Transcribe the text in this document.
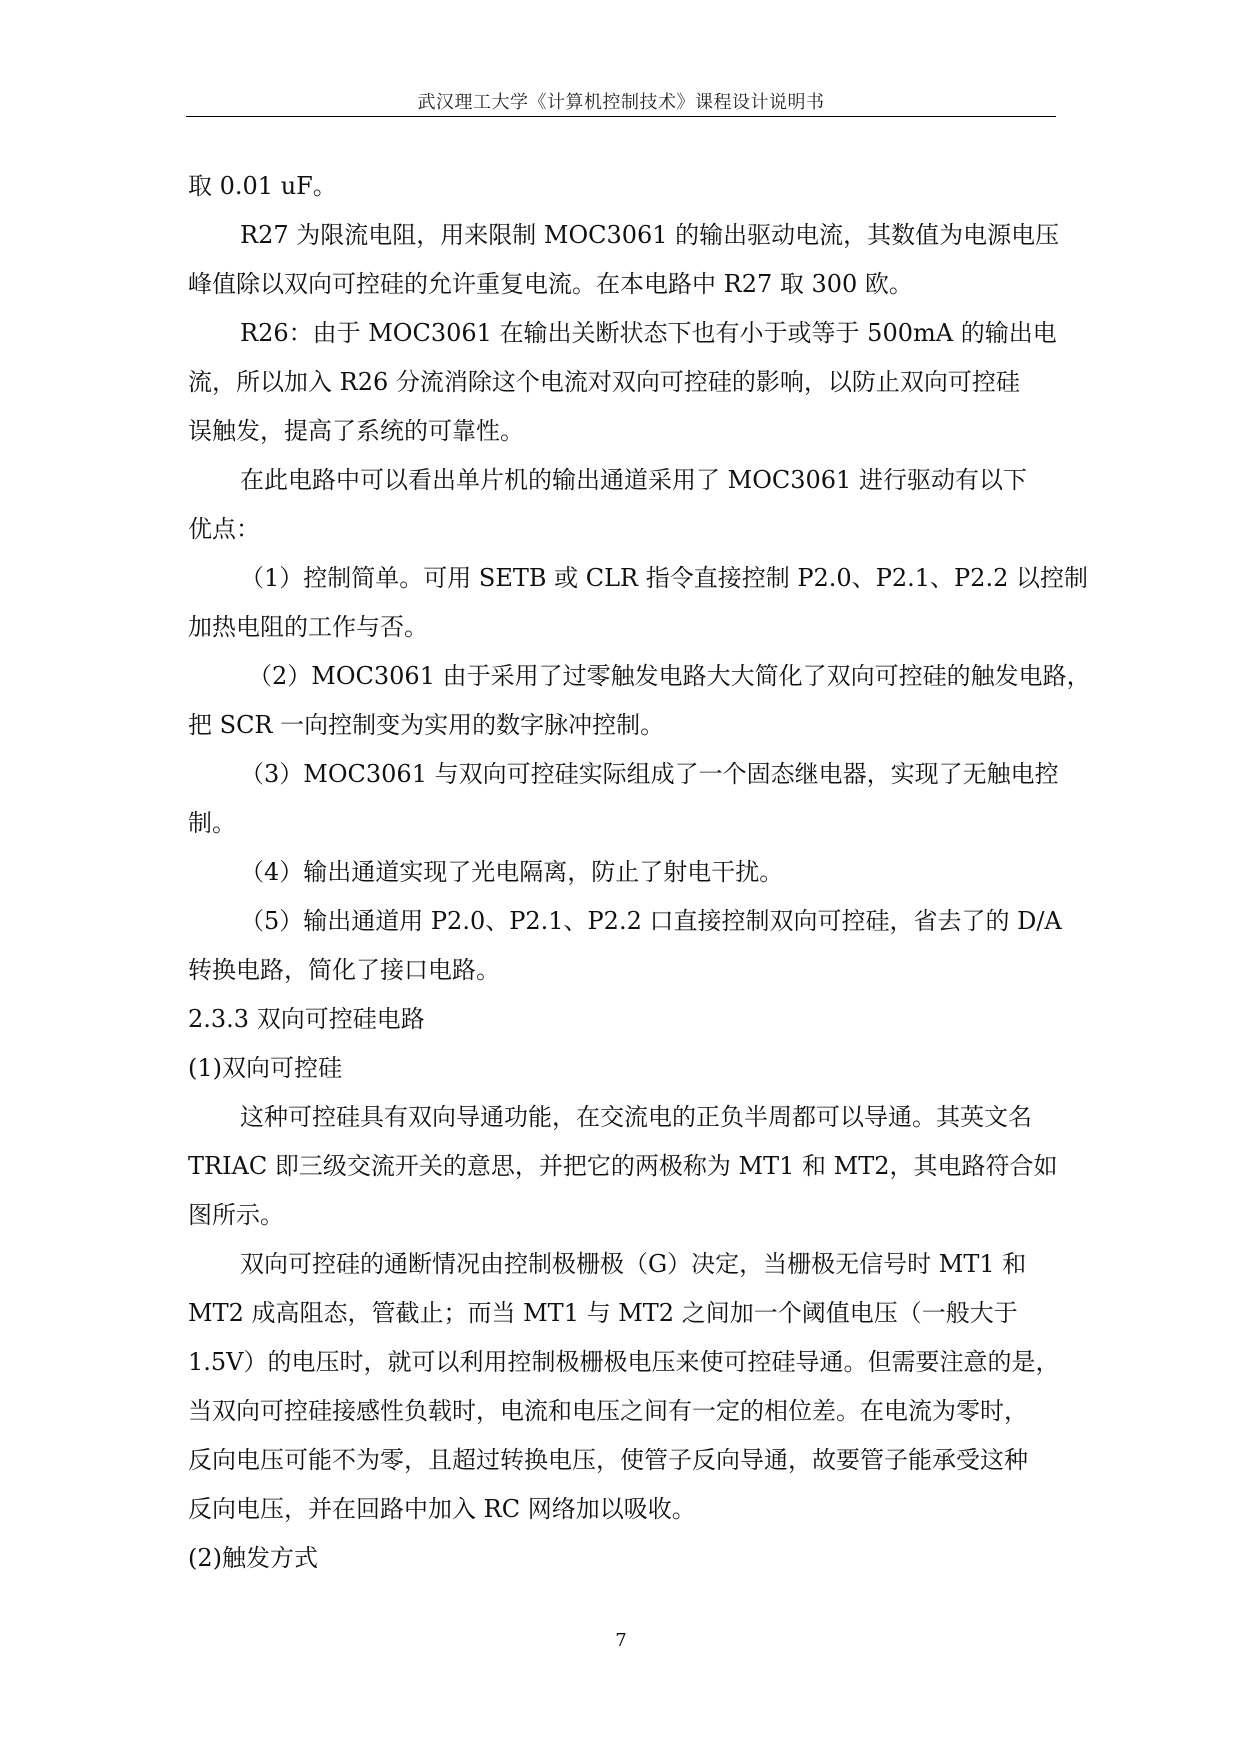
武汉理工大学《计算机控制技术》课程设计说明书

取 0.01 uF。

R27 为限流电阻，用来限制 MOC3061 的输出驱动电流，其数值为电源电压

峰值除以双向可控硅的允许重复电流。在本电路中 R27 取 300 欧。

R26：由于 MOC3061 在输出关断状态下也有小于或等于 500mA 的输出电

流，所以加入 R26 分流消除这个电流对双向可控硅的影响，以防止双向可控硅

误触发，提高了系统的可靠性。

在此电路中可以看出单片机的输出通道采用了 MOC3061 进行驱动有以下

优点：

（1）控制简单。可用 SETB 或 CLR 指令直接控制 P2.0、P2.1、P2.2 以控制

加热电阻的工作与否。

（2）MOC3061 由于采用了过零触发电路大大简化了双向可控硅的触发电路，

把 SCR 一向控制变为实用的数字脉冲控制。

（3）MOC3061 与双向可控硅实际组成了一个固态继电器，实现了无触电控

制。

（4）输出通道实现了光电隔离，防止了射电干扰。

（5）输出通道用 P2.0、P2.1、P2.2 口直接控制双向可控硅，省去了的 D/A

转换电路，简化了接口电路。

2.3.3 双向可控硅电路

(1)双向可控硅

这种可控硅具有双向导通功能，在交流电的正负半周都可以导通。其英文名

TRIAC 即三级交流开关的意思，并把它的两极称为 MT1 和 MT2，其电路符合如

图所示。

双向可控硅的通断情况由控制极栅极（G）决定，当栅极无信号时 MT1 和

MT2 成高阻态，管截止；而当 MT1 与 MT2 之间加一个阈值电压（一般大于

1.5V）的电压时，就可以利用控制极栅极电压来使可控硅导通。但需要注意的是，

当双向可控硅接感性负载时，电流和电压之间有一定的相位差。在电流为零时，

反向电压可能不为零，且超过转换电压，使管子反向导通，故要管子能承受这种

反向电压，并在回路中加入 RC 网络加以吸收。

(2)触发方式

7
